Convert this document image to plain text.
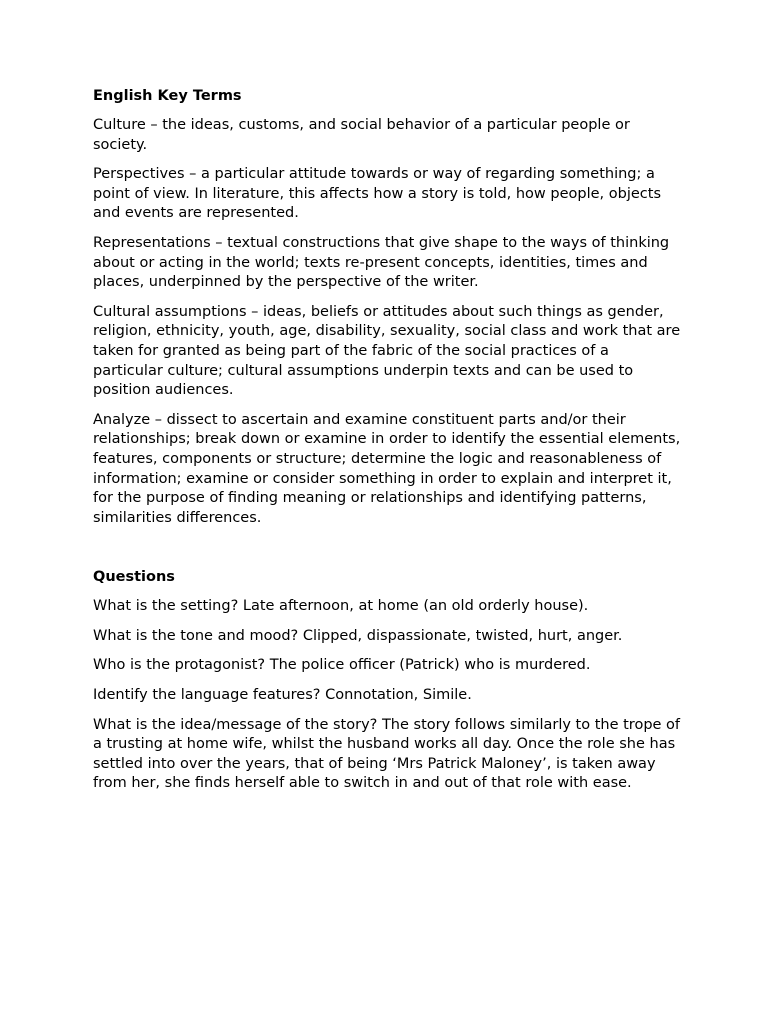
English Key Terms

Culture – the ideas, customs, and social behavior of a particular people or society.

Perspectives – a particular attitude towards or way of regarding something; a point of view. In literature, this affects how a story is told, how people, objects and events are represented.

Representations – textual constructions that give shape to the ways of thinking about or acting in the world; texts re-present concepts, identities, times and places, underpinned by the perspective of the writer.

Cultural assumptions – ideas, beliefs or attitudes about such things as gender, religion, ethnicity, youth, age, disability, sexuality, social class and work that are taken for granted as being part of the fabric of the social practices of a particular culture; cultural assumptions underpin texts and can be used to position audiences.

Analyze – dissect to ascertain and examine constituent parts and/or their relationships; break down or examine in order to identify the essential elements, features, components or structure; determine the logic and reasonableness of information; examine or consider something in order to explain and interpret it, for the purpose of finding meaning or relationships and identifying patterns, similarities differences.

Questions

What is the setting? Late afternoon, at home (an old orderly house).

What is the tone and mood? Clipped, dispassionate, twisted, hurt, anger.

Who is the protagonist? The police officer (Patrick) who is murdered.

Identify the language features? Connotation, Simile.

What is the idea/message of the story? The story follows similarly to the trope of a trusting at home wife, whilst the husband works all day. Once the role she has settled into over the years, that of being ‘Mrs Patrick Maloney’, is taken away from her, she finds herself able to switch in and out of that role with ease.
